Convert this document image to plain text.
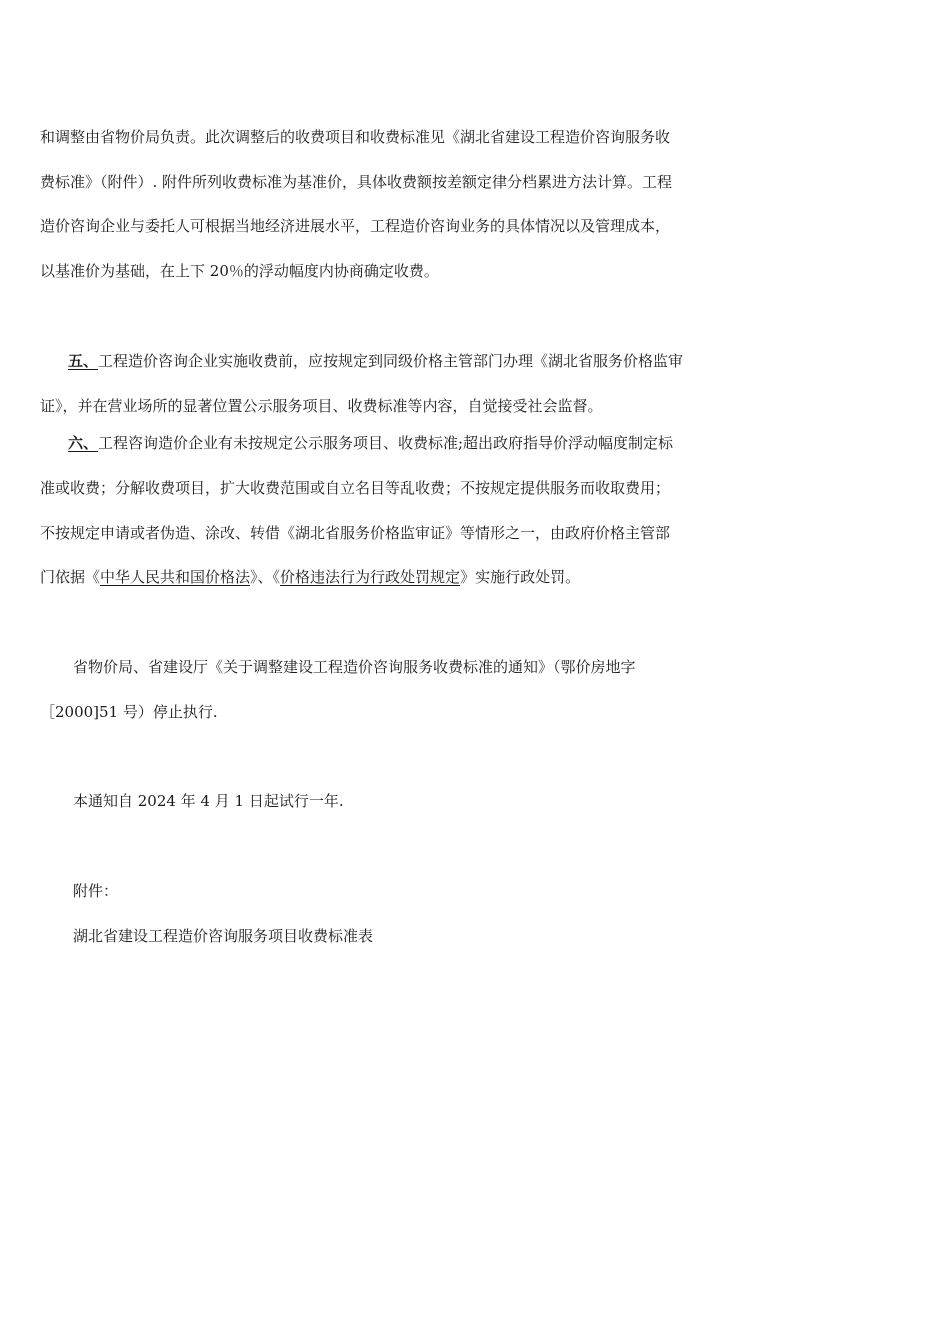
和调整由省物价局负责。此次调整后的收费项目和收费标准见《湖北省建设工程造价咨询服务收
费标准》（附件）. 附件所列收费标准为基准价，具体收费额按差额定律分档累进方法计算。工程
造价咨询企业与委托人可根据当地经济进展水平，工程造价咨询业务的具体情况以及管理成本，
以基准价为基础，在上下 20％的浮动幅度内协商确定收费。
五、工程造价咨询企业实施收费前，应按规定到同级价格主管部门办理《湖北省服务价格监审
证》，并在营业场所的显著位置公示服务项目、收费标准等内容，自觉接受社会监督。
六、工程咨询造价企业有未按规定公示服务项目、收费标准;超出政府指导价浮动幅度制定标
准或收费；分解收费项目，扩大收费范围或自立名目等乱收费；不按规定提供服务而收取费用；
不按规定申请或者伪造、涂改、转借《湖北省服务价格监审证》等情形之一，由政府价格主管部
门依据《中华人民共和国价格法》、《价格违法行为行政处罚规定》实施行政处罚。
省物价局、省建设厅《关于调整建设工程造价咨询服务收费标准的通知》（鄂价房地字
［2000]51 号）停止执行.
本通知自 2024 年 4 月 1 日起试行一年.
附件：
湖北省建设工程造价咨询服务项目收费标准表
